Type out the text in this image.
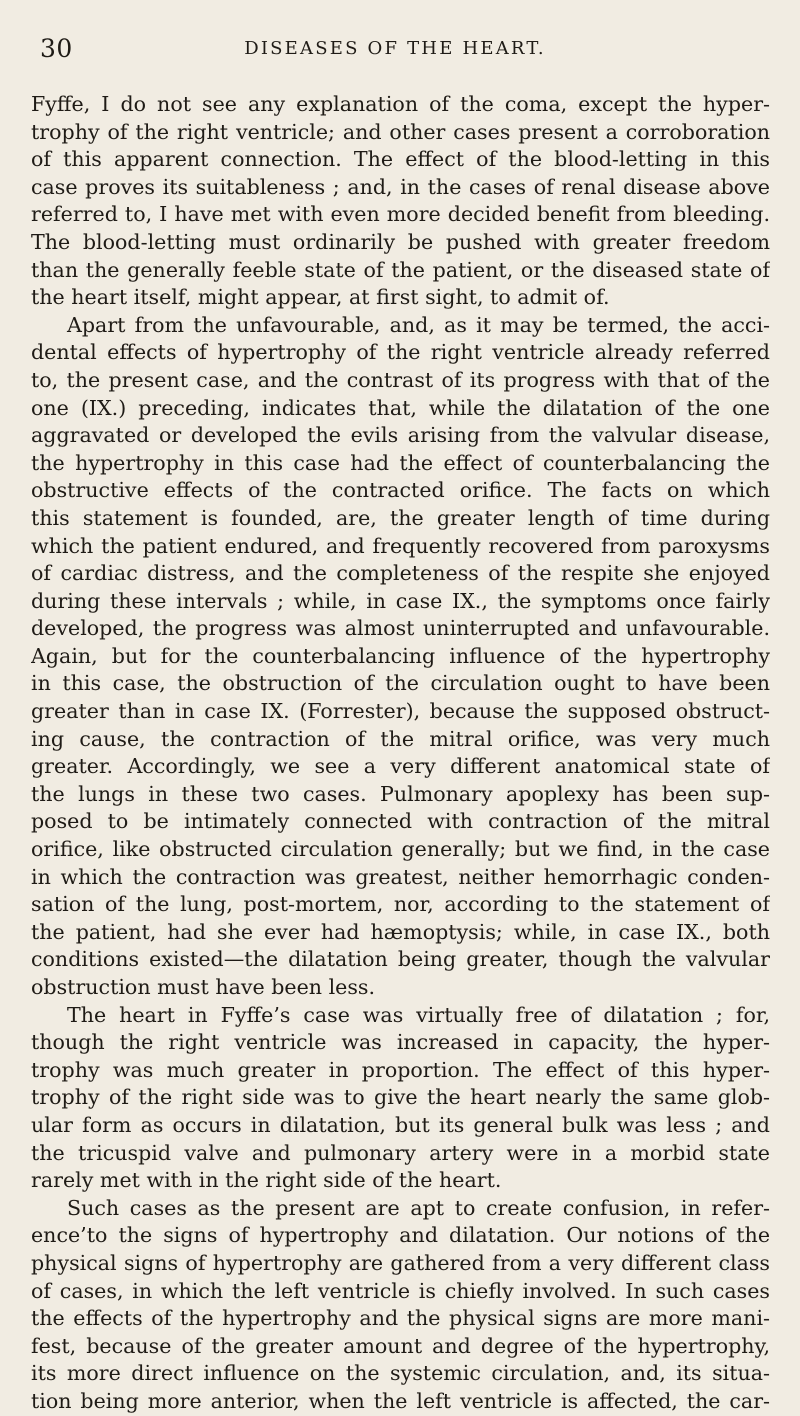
30	DISEASES OF THE HEART.
Fyffe, I do not see any explanation of the coma, except the hyper-
trophy of the right ventricle; and other cases present a corroboration
of this apparent connection. The effect of the blood-letting in this
case proves its suitableness ; and, in the cases of renal disease above
referred to, I have met with even more decided benefit from bleeding.
The blood-letting must ordinarily be pushed with greater freedom
than the generally feeble state of the patient, or the diseased state of
the heart itself, might appear, at first sight, to admit of.
Apart from the unfavourable, and, as it may be termed, the acci-
dental effects of hypertrophy of the right ventricle already referred
to, the present case, and the contrast of its progress with that of the
one (IX.) preceding, indicates that, while the dilatation of the one
aggravated or developed the evils arising from the valvular disease,
the hypertrophy in this case had the effect of counterbalancing the
obstructive effects of the contracted orifice. The facts on which
this statement is founded, are, the greater length of time during
which the patient endured, and frequently recovered from paroxysms
of cardiac distress, and the completeness of the respite she enjoyed
during these intervals ; while, in case IX., the symptoms once fairly
developed, the progress was almost uninterrupted and unfavourable.
Again, but for the counterbalancing influence of the hypertrophy
in this case, the obstruction of the circulation ought to have been
greater than in case IX. (Forrester), because the supposed obstruct-
ing cause, the contraction of the mitral orifice, was very much
greater. Accordingly, we see a very different anatomical state of
the lungs in these two cases. Pulmonary apoplexy has been sup-
posed to be intimately connected with contraction of the mitral
orifice, like obstructed circulation generally; but we find, in the case
in which the contraction was greatest, neither hemorrhagic conden-
sation of the lung, post-mortem, nor, according to the statement of
the patient, had she ever had hæmoptysis; while, in case IX., both
conditions existed—the dilatation being greater, though the valvular
obstruction must have been less.
The heart in Fyffe’s case was virtually free of dilatation ; for,
though the right ventricle was increased in capacity, the hyper-
trophy was much greater in proportion. The effect of this hyper-
trophy of the right side was to give the heart nearly the same glob-
ular form as occurs in dilatation, but its general bulk was less ; and
the tricuspid valve and pulmonary artery were in a morbid state
rarely met with in the right side of the heart.
Such cases as the present are apt to create confusion, in refer-
ence’to the signs of hypertrophy and dilatation. Our notions of the
physical signs of hypertrophy are gathered from a very different class
of cases, in which the left ventricle is chiefly involved. In such cases
the effects of the hypertrophy and the physical signs are more mani-
fest, because of the greater amount and degree of the hypertrophy,
its more direct influence on the systemic circulation, and, its situa-
tion being more anterior, when the left ventricle is affected, the car-
